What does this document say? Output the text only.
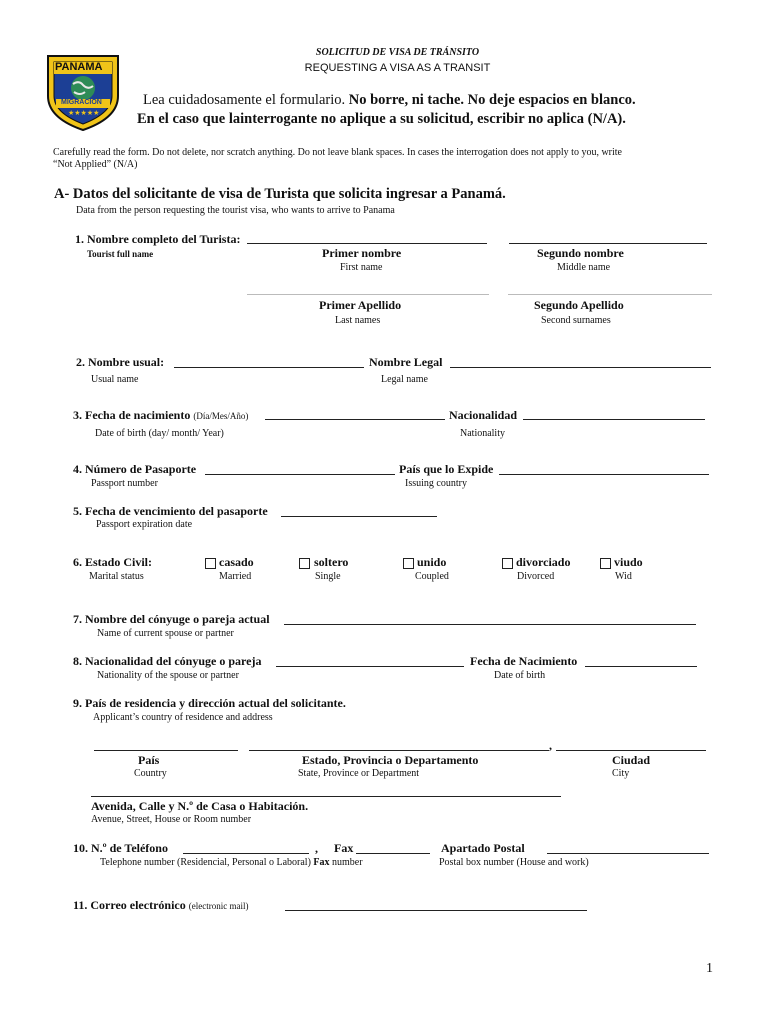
PANAMA
MIGRACIÓN
★★★★★
SOLICITUD DE VISA DE TRÁNSITO
REQUESTING A VISA AS A TRANSIT
Lea cuidadosamente el formulario. No borre, ni tache. No deje espacios en blanco.
En el caso que lainterrogante no aplique a su solicitud, escribir no aplica (N/A).
Carefully read the form. Do not delete, nor scratch anything. Do not leave blank spaces. In cases the interrogation does not apply to you, write
“Not Applied” (N/A)
A- Datos del solicitante de visa de Turista que solicita ingresar a Panamá.
Data from the person requesting the tourist visa, who wants to arrive to Panama
1. Nombre completo del Turista:
Tourist full name	Primer nombre
First name
Segundo nombre
Middle name
Primer Apellido
Last names
Segundo Apellido
Second surnames
2. Nombre usual:	Nombre Legal
Usual name	Legal name
3. Fecha de nacimiento (Día/Mes/Año)	Nacionalidad
Date of birth (day/ month/ Year)	Nationality
4. Número de Pasaporte	País que lo Expide
Passport number	Issuing country
5. Fecha de vencimiento del pasaporte
Passport expiration date
6. Estado Civil:
Marital status
casado
Married
soltero
Single
unido
Coupled
divorciado
Divorced
viudo
Wid
7. Nombre del cónyuge o pareja actual
Name of current spouse or partner
8. Nacionalidad del cónyuge o pareja	Fecha de Nacimiento
Nationality of the spouse or partner	Date of birth
9. País de residencia y dirección actual del solicitante.
Applicant’s country of residence and address
,
País
Country
Estado, Provincia o Departamento
State, Province or Department
Ciudad
City
Avenida, Calle y N.º de Casa o Habitación.
Avenue, Street, House or Room number
10. N.º de Teléfono	, Fax	Apartado Postal
Telephone number (Residencial, Personal o Laboral) Fax number	Postal box number (House and work)
11. Correo electrónico (electronic mail)
1
